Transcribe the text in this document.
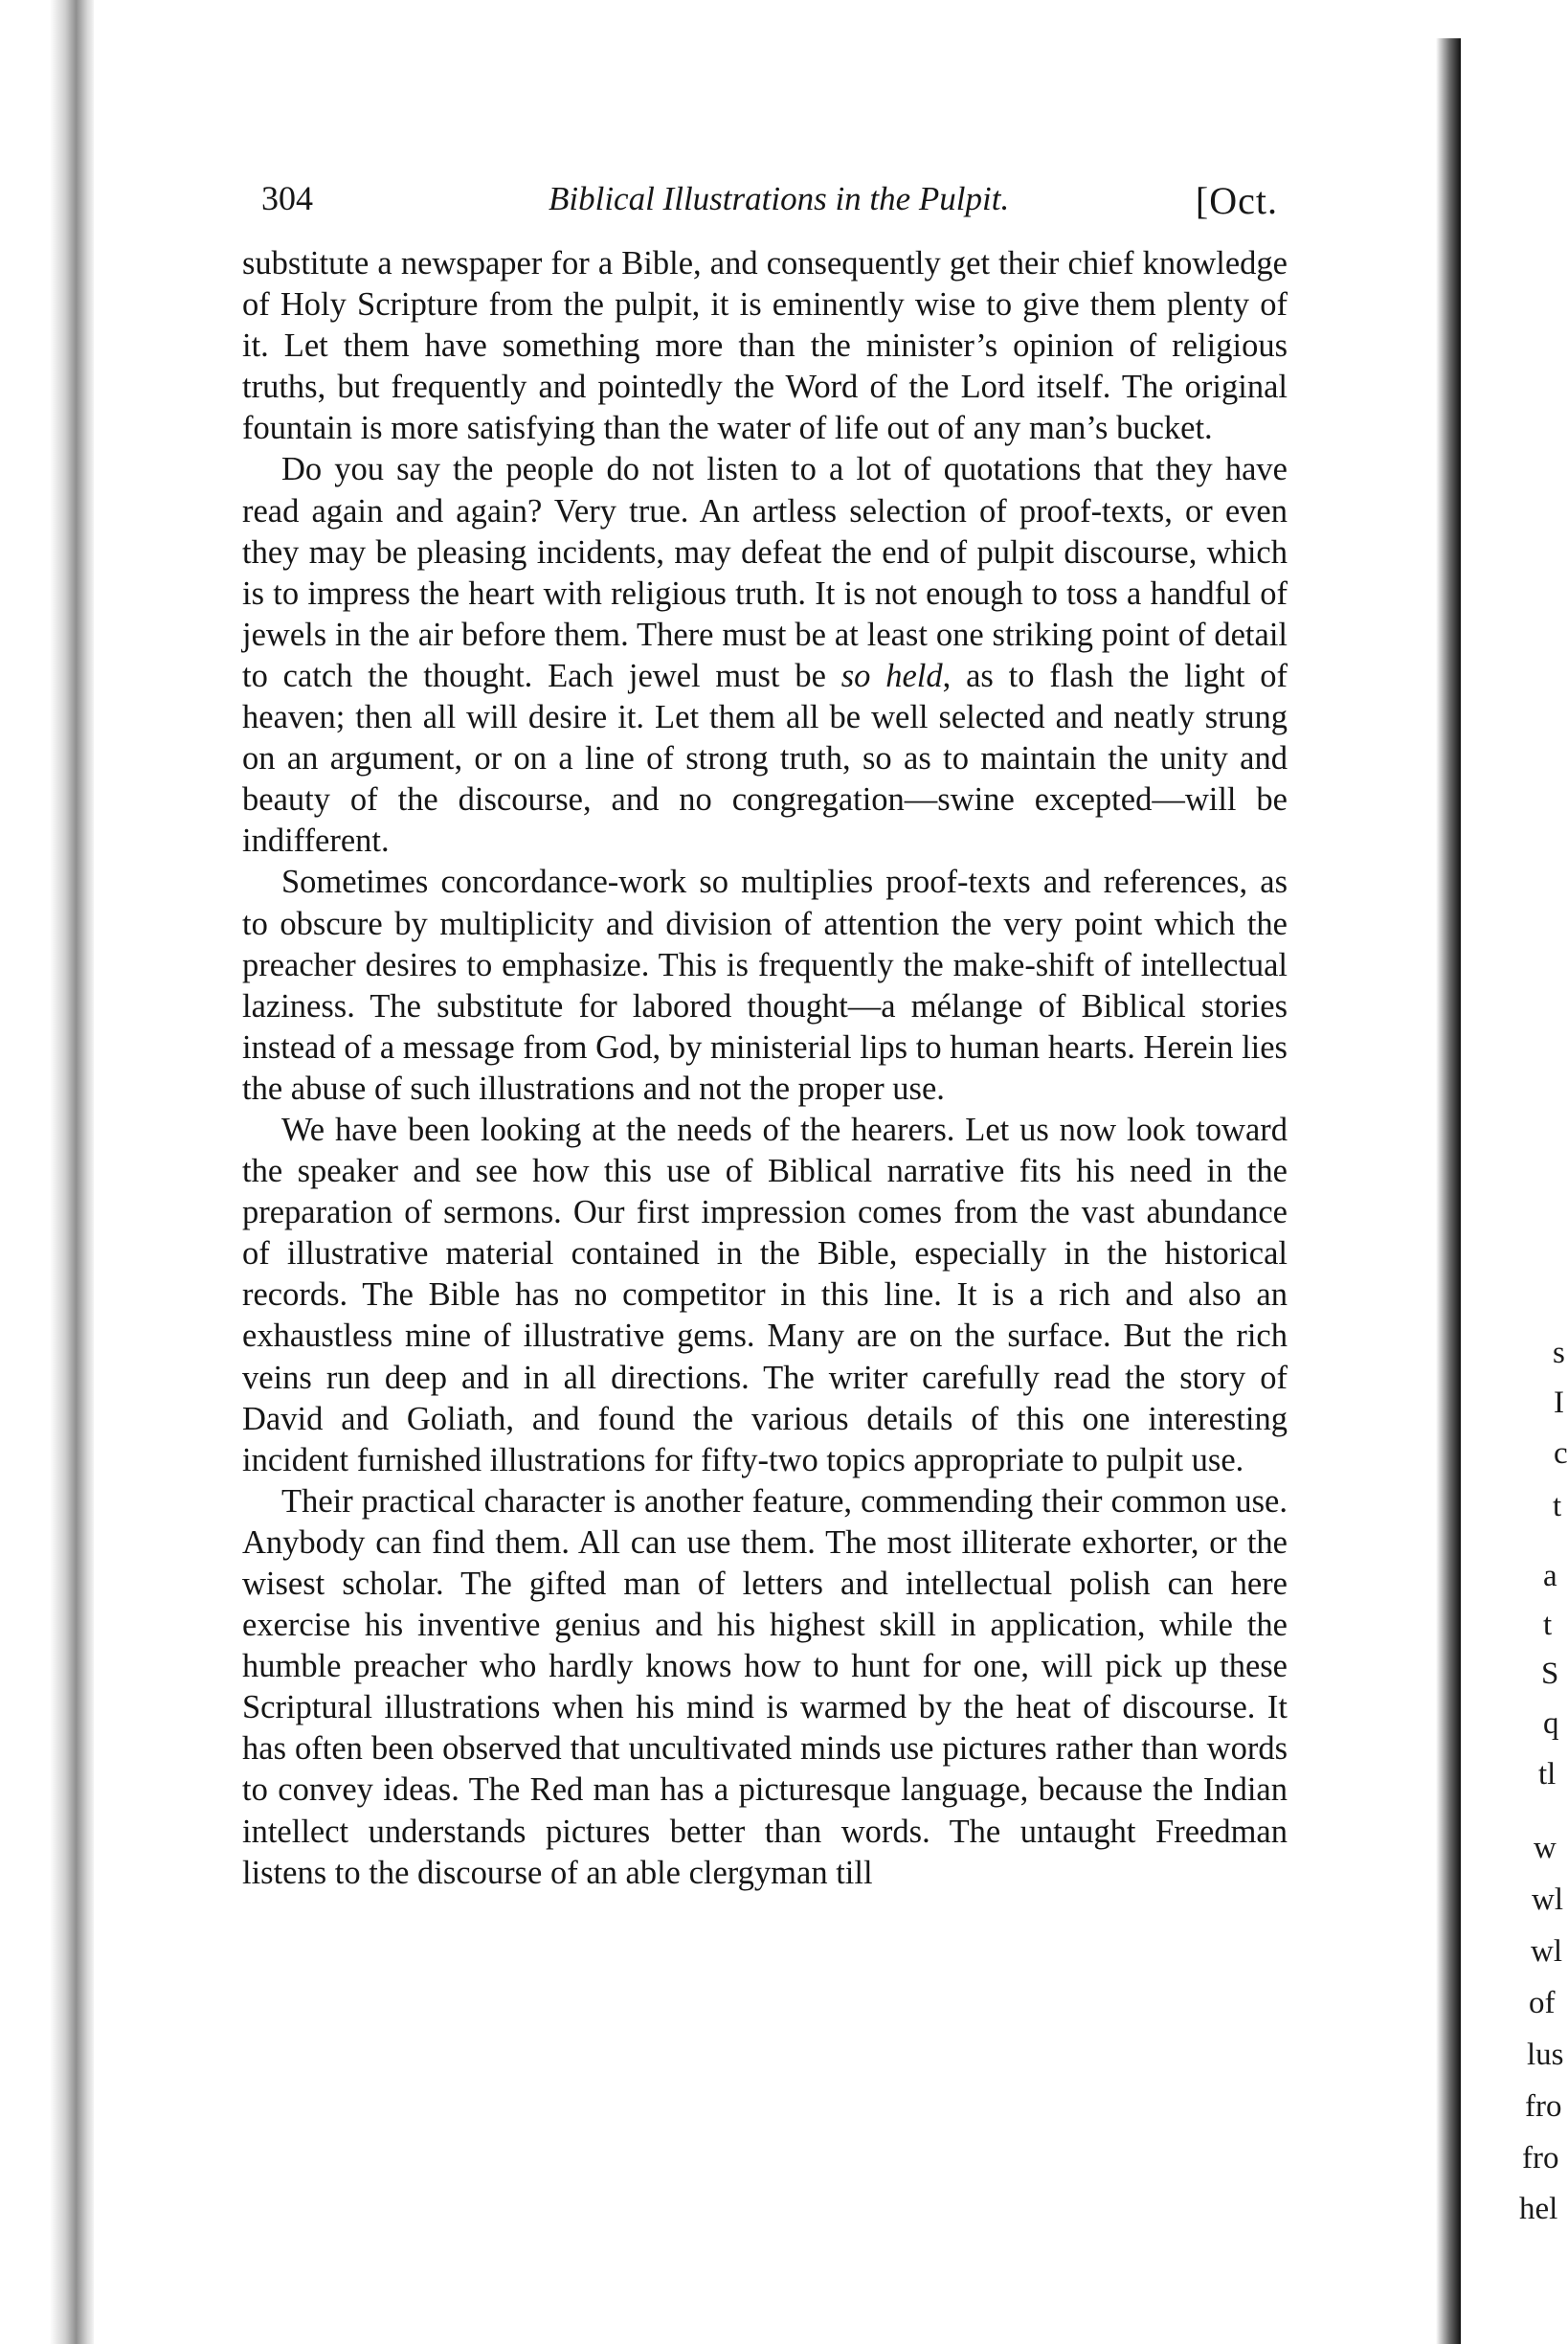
304	Biblical Illustrations in the Pulpit.	[Oct.

substitute a newspaper for a Bible, and consequently get their chief knowledge of Holy Scripture from the pulpit, it is eminently wise to give them plenty of it. Let them have something more than the minister’s opinion of religious truths, but frequently and pointedly the Word of the Lord itself. The original fountain is more satisfying than the water of life out of any man’s bucket.

Do you say the people do not listen to a lot of quotations that they have read again and again? Very true. An artless selection of proof-texts, or even they may be pleasing incidents, may defeat the end of pulpit discourse, which is to impress the heart with religious truth. It is not enough to toss a handful of jewels in the air before them. There must be at least one striking point of detail to catch the thought. Each jewel must be so held, as to flash the light of heaven; then all will desire it. Let them all be well selected and neatly strung on an argument, or on a line of strong truth, so as to maintain the unity and beauty of the discourse, and no congregation—swine excepted—will be indifferent.

Sometimes concordance-work so multiplies proof-texts and references, as to obscure by multiplicity and division of attention the very point which the preacher desires to emphasize. This is frequently the make-shift of intellectual laziness. The substitute for labored thought—a mélange of Biblical stories instead of a message from God, by ministerial lips to human hearts. Herein lies the abuse of such illustrations and not the proper use.

We have been looking at the needs of the hearers. Let us now look toward the speaker and see how this use of Biblical narrative fits his need in the preparation of sermons. Our first impression comes from the vast abundance of illustrative material contained in the Bible, especially in the historical records. The Bible has no competitor in this line. It is a rich and also an exhaustless mine of illustrative gems. Many are on the surface. But the rich veins run deep and in all directions. The writer carefully read the story of David and Goliath, and found the various details of this one interesting incident furnished illustrations for fifty-two topics appropriate to pulpit use.

Their practical character is another feature, commending their common use. Anybody can find them. All can use them. The most illiterate exhorter, or the wisest scholar. The gifted man of letters and intellectual polish can here exercise his inventive genius and his highest skill in application, while the humble preacher who hardly knows how to hunt for one, will pick up these Scriptural illustrations when his mind is warmed by the heat of discourse. It has often been observed that uncultivated minds use pictures rather than words to convey ideas. The Red man has a picturesque language, because the Indian intellect understands pictures better than words. The untaught Freedman listens to the discourse of an able clergyman till

s
I
c
t
a
t
S
q
tl
w
wl
wl
of
lus
fro
fro
hel
